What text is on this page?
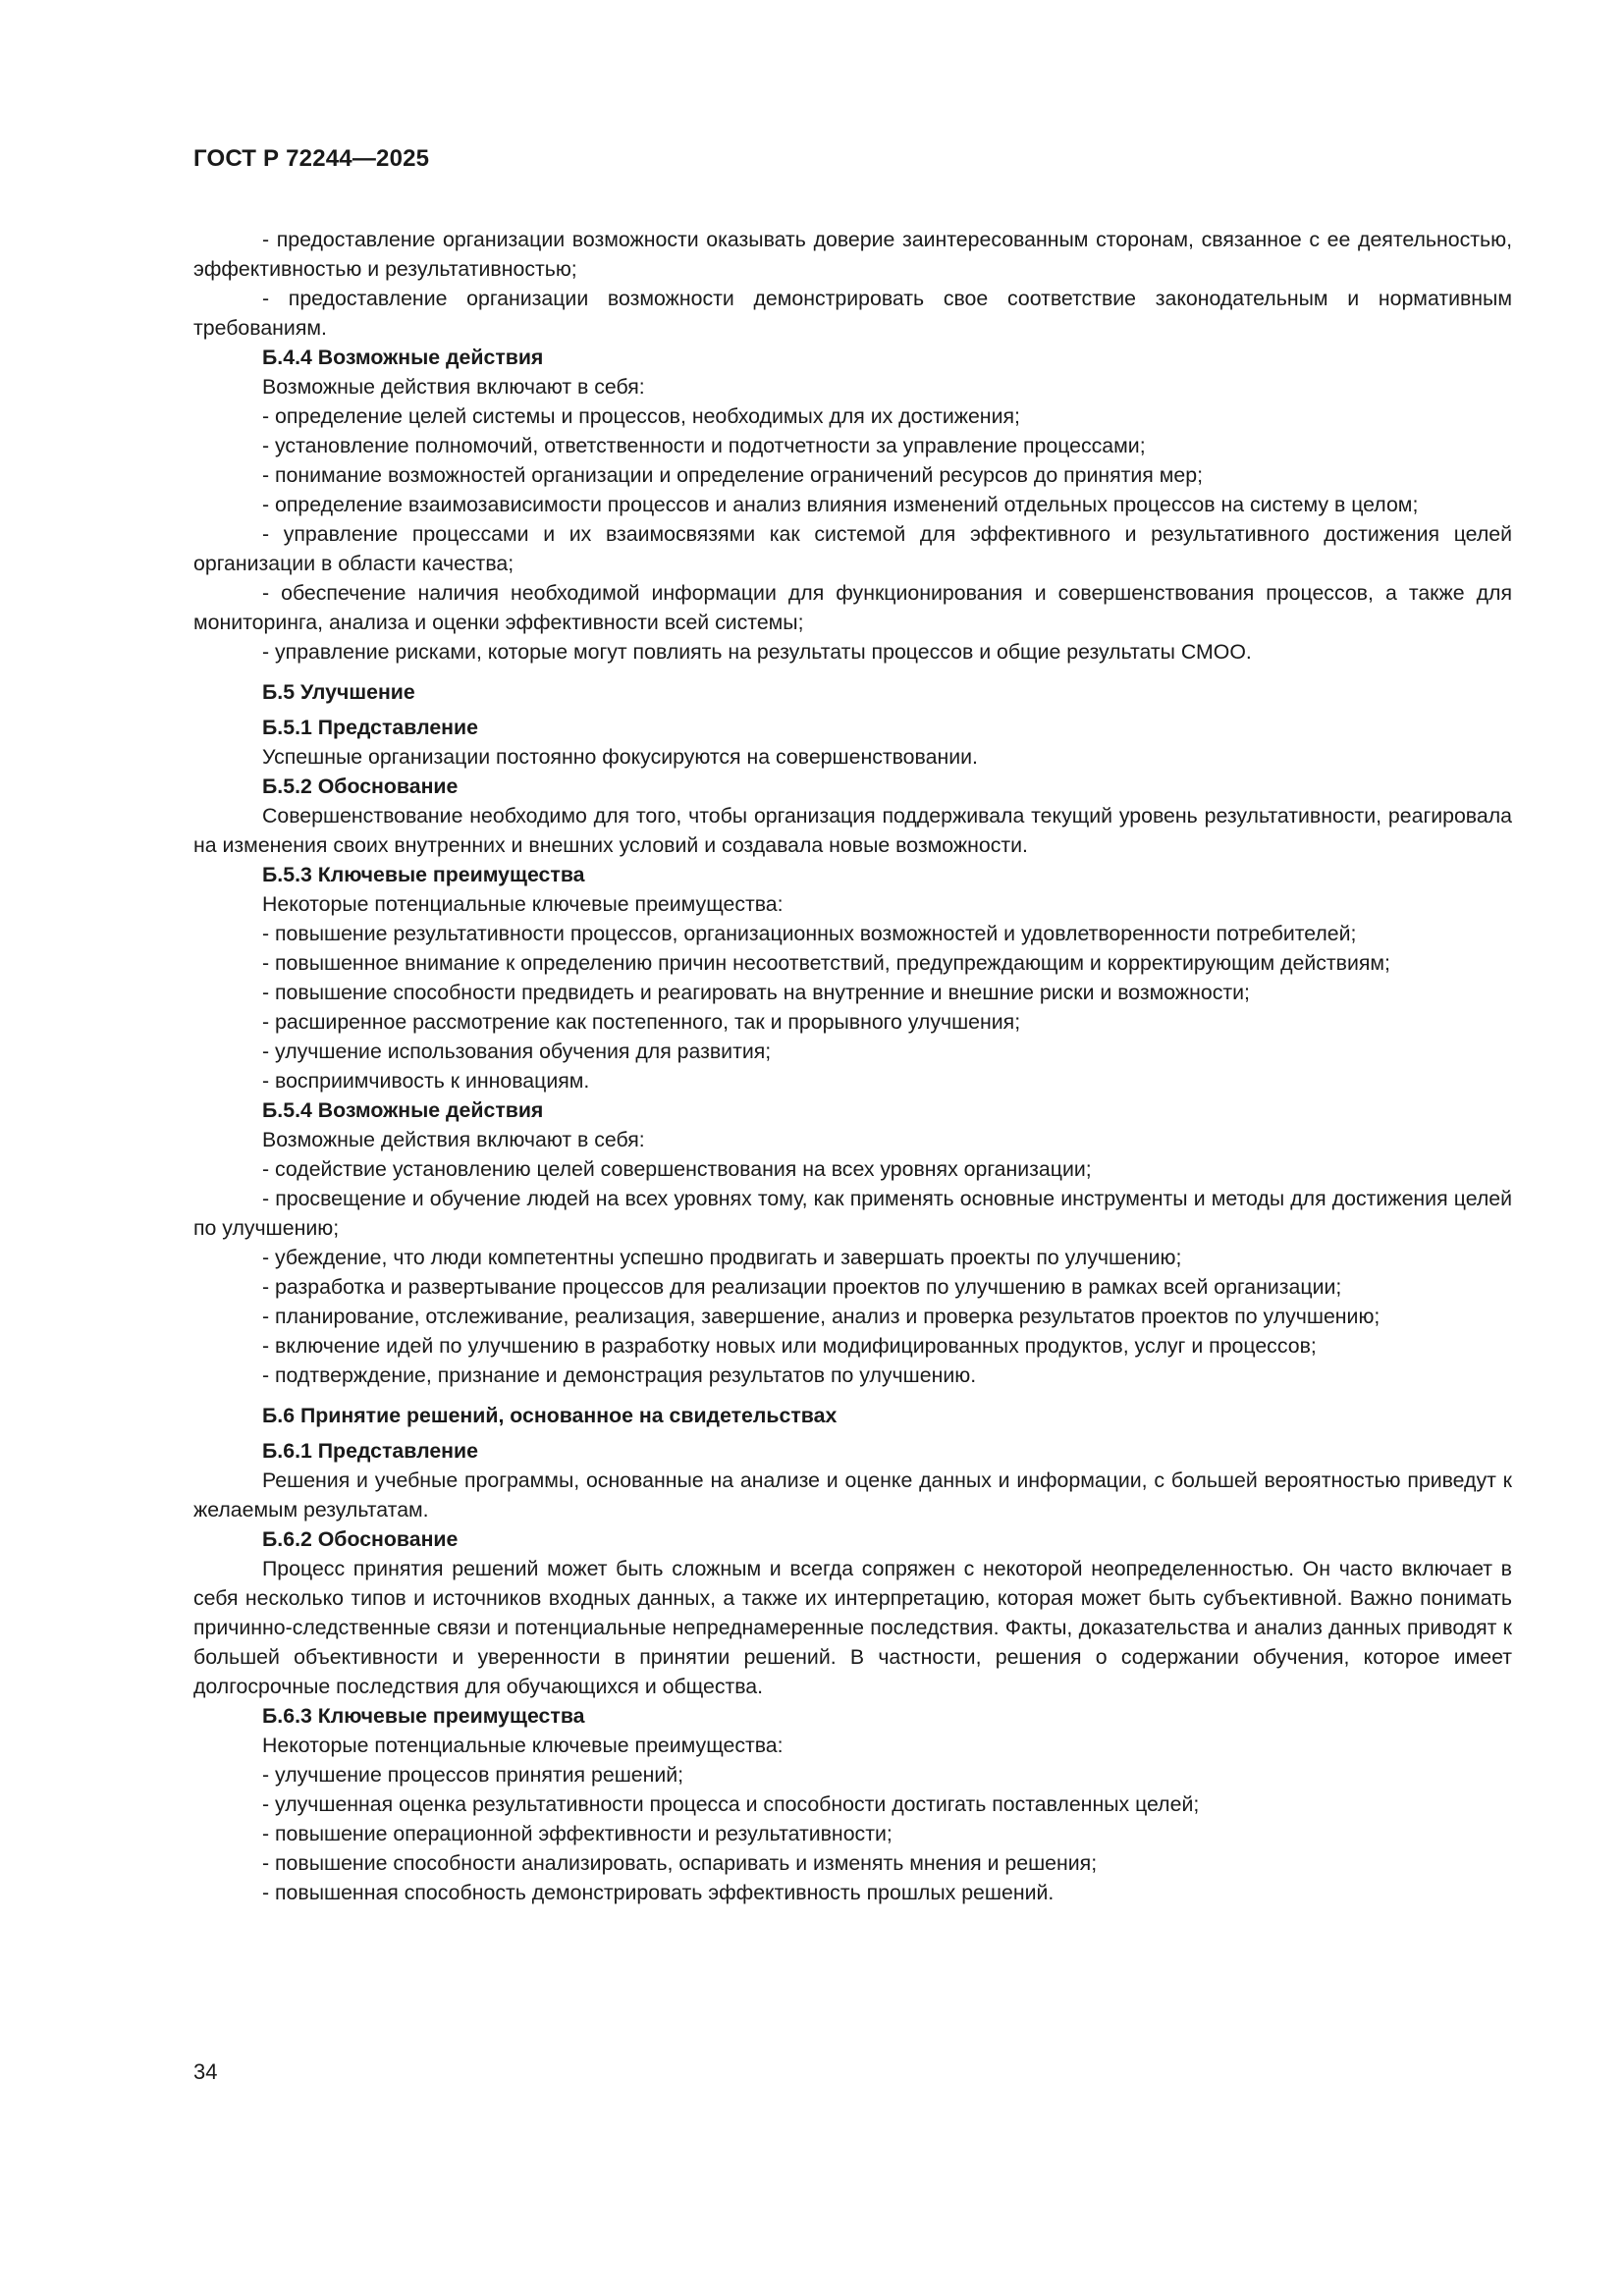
ГОСТ Р 72244—2025

- предоставление организации возможности оказывать доверие заинтересованным сторонам, связанное с ее деятельностью, эффективностью и результативностью;

- предоставление организации возможности демонстрировать свое соответствие законодательным и нормативным требованиям.

Б.4.4 Возможные действия

Возможные действия включают в себя:

- определение целей системы и процессов, необходимых для их достижения;

- установление полномочий, ответственности и подотчетности за управление процессами;

- понимание возможностей организации и определение ограничений ресурсов до принятия мер;

- определение взаимозависимости процессов и анализ влияния изменений отдельных процессов на систему в целом;

- управление процессами и их взаимосвязями как системой для эффективного и результативного достижения целей организации в области качества;

- обеспечение наличия необходимой информации для функционирования и совершенствования процессов, а также для мониторинга, анализа и оценки эффективности всей системы;

- управление рисками, которые могут повлиять на результаты процессов и общие результаты СМОО.

Б.5 Улучшение

Б.5.1 Представление

Успешные организации постоянно фокусируются на совершенствовании.

Б.5.2 Обоснование

Совершенствование необходимо для того, чтобы организация поддерживала текущий уровень результативности, реагировала на изменения своих внутренних и внешних условий и создавала новые возможности.

Б.5.3 Ключевые преимущества

Некоторые потенциальные ключевые преимущества:

- повышение результативности процессов, организационных возможностей и удовлетворенности потребителей;

- повышенное внимание к определению причин несоответствий, предупреждающим и корректирующим действиям;

- повышение способности предвидеть и реагировать на внутренние и внешние риски и возможности;

- расширенное рассмотрение как постепенного, так и прорывного улучшения;

- улучшение использования обучения для развития;

- восприимчивость к инновациям.

Б.5.4 Возможные действия

Возможные действия включают в себя:

- содействие установлению целей совершенствования на всех уровнях организации;

- просвещение и обучение людей на всех уровнях тому, как применять основные инструменты и методы для достижения целей по улучшению;

- убеждение, что люди компетентны успешно продвигать и завершать проекты по улучшению;

- разработка и развертывание процессов для реализации проектов по улучшению в рамках всей организации;

- планирование, отслеживание, реализация, завершение, анализ и проверка результатов проектов по улучшению;

- включение идей по улучшению в разработку новых или модифицированных продуктов, услуг и процессов;

- подтверждение, признание и демонстрация результатов по улучшению.

Б.6 Принятие решений, основанное на свидетельствах

Б.6.1 Представление

Решения и учебные программы, основанные на анализе и оценке данных и информации, с большей вероятностью приведут к желаемым результатам.

Б.6.2 Обоснование

Процесс принятия решений может быть сложным и всегда сопряжен с некоторой неопределенностью. Он часто включает в себя несколько типов и источников входных данных, а также их интерпретацию, которая может быть субъективной. Важно понимать причинно-следственные связи и потенциальные непреднамеренные последствия. Факты, доказательства и анализ данных приводят к большей объективности и уверенности в принятии решений. В частности, решения о содержании обучения, которое имеет долгосрочные последствия для обучающихся и общества.

Б.6.3 Ключевые преимущества

Некоторые потенциальные ключевые преимущества:

- улучшение процессов принятия решений;

- улучшенная оценка результативности процесса и способности достигать поставленных целей;

- повышение операционной эффективности и результативности;

- повышение способности анализировать, оспаривать и изменять мнения и решения;

- повышенная способность демонстрировать эффективность прошлых решений.

34
